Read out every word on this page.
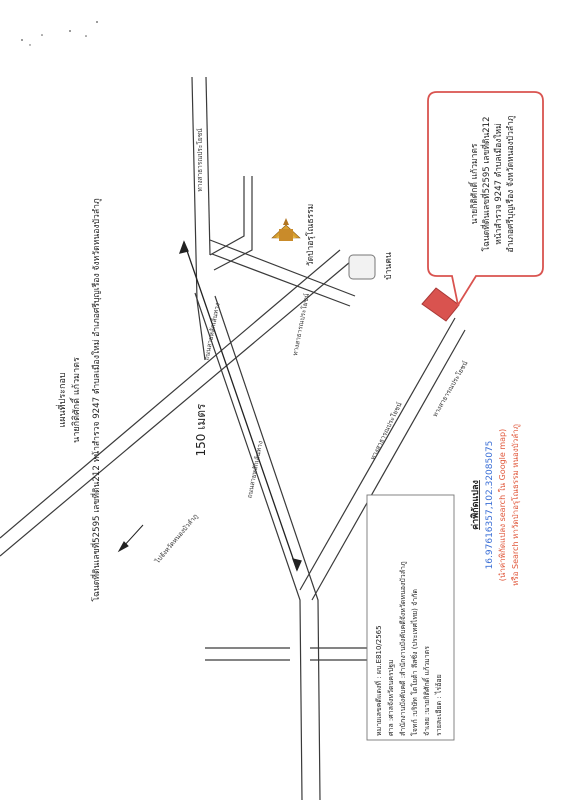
150 เมตร
ทางสาธารณประโยชน์
ถนนสายหลักเส้นทาง	ทางสาธารณประโยชน์
ถนนสายหลักเส้นทาง
ทางสาธารณประโยชน์
ไปจังหวัดหนองบัวลำภู
ทางสาธารณประโยชน์
วัดป่าอรุโณธรรม	บ้านคน
นายกิติศักดิ์ แก้วมาตร โฉนดที่ดินเลขที่52595 เลขที่ดิน212 หน้าสำรวจ 9247 ตำบลเมืองใหม่ อำเภอศรีบุญเรือง จังหวัดหนองบัวลำภู
แผนที่ประกอบ นายกิติศักดิ์ แก้วมาตร โฉนดที่ดินเลขที่52595 เลขที่ดิน212 หน้าสำรวจ 9247 ตำบลเมืองใหม่ อำเภอศรีบุญเรือง จังหวัดหนองบัวลำภู
หมายเลขคดีแดงที่ : ผบ.E810/2565 ศาล :ศาลจังหวัดนครปฐม สำนักงานบังคับคดี :สำนักงานบังคับคดีจังหวัดหนองบัวลำภู โจทก์ :บริษัท โตโยต้า ลีสซิ่ง (ประเทศไทย) จำกัด จำเลย :นายกิติศักดิ์ แก้วมาตร รายละเอียด : ไร่อ้อย
ค่าพิกัดแปลง 16.97616357,102.32085075 (นำค่าพิกัดแปลง search ใน Google map) หรือ Search หาวัดป่าอรุโณธรรม หนองบัวลำภู
